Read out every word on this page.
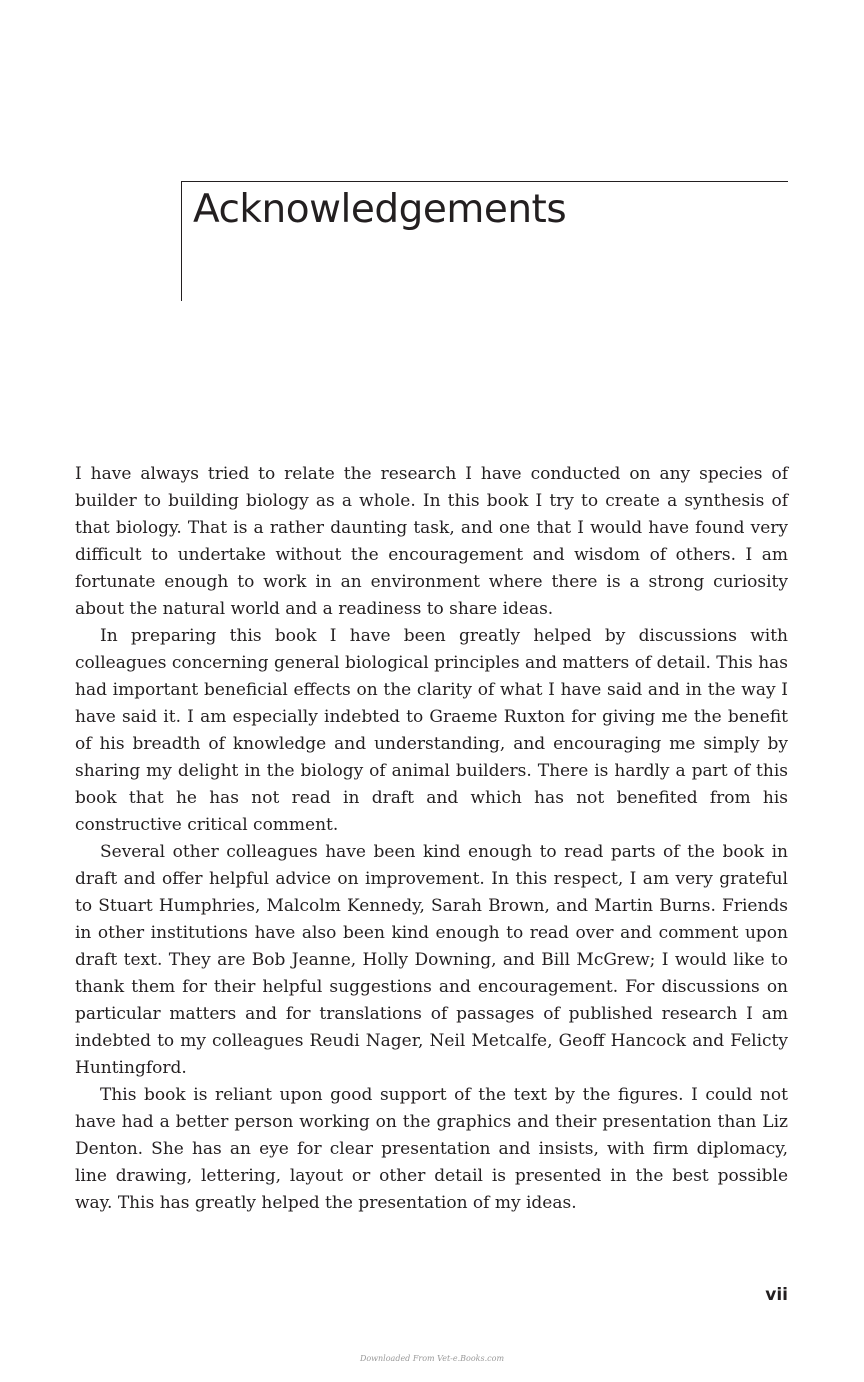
Acknowledgements

I have always tried to relate the research I have conducted on any species of builder to building biology as a whole. In this book I try to create a synthesis of that biology. That is a rather daunting task, and one that I would have found very difficult to undertake without the encouragement and wisdom of others. I am fortunate enough to work in an environment where there is a strong curiosity about the natural world and a readiness to share ideas.

In preparing this book I have been greatly helped by discussions with colleagues concerning general biological principles and matters of detail. This has had important beneficial effects on the clarity of what I have said and in the way I have said it. I am especially indebted to Graeme Ruxton for giving me the benefit of his breadth of knowledge and understanding, and encouraging me simply by sharing my delight in the biology of animal builders. There is hardly a part of this book that he has not read in draft and which has not benefited from his constructive critical comment.

Several other colleagues have been kind enough to read parts of the book in draft and offer helpful advice on improvement. In this respect, I am very grateful to Stuart Humphries, Malcolm Kennedy, Sarah Brown, and Martin Burns. Friends in other institutions have also been kind enough to read over and comment upon draft text. They are Bob Jeanne, Holly Downing, and Bill McGrew; I would like to thank them for their helpful suggestions and encouragement. For discussions on particular matters and for translations of passages of published research I am indebted to my colleagues Reudi Nager, Neil Metcalfe, Geoff Hancock and Felicty Huntingford.

This book is reliant upon good support of the text by the figures. I could not have had a better person working on the graphics and their presentation than Liz Denton. She has an eye for clear presentation and insists, with firm diplomacy, line drawing, lettering, layout or other detail is presented in the best possible way. This has greatly helped the presentation of my ideas.

vii
Downloaded From Vet-e.Books.com
